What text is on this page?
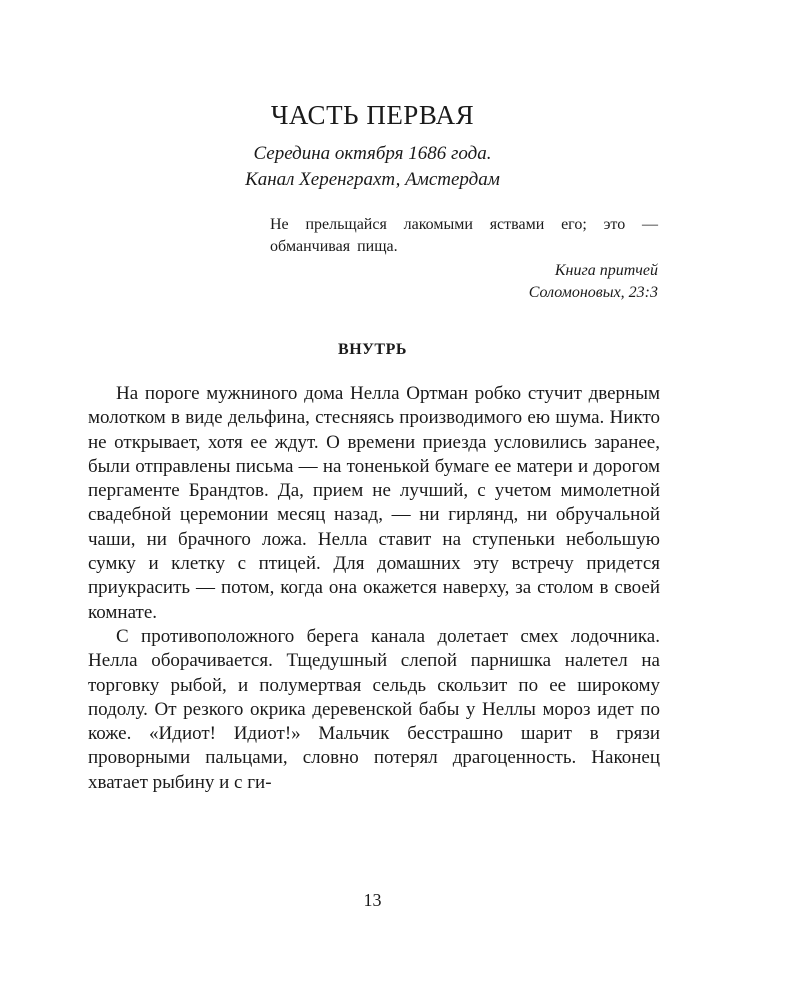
ЧАСТЬ ПЕРВАЯ
Середина октября 1686 года.
Канал Херенграхт, Амстердам
Не прельщайся лакомыми яствами его; это — обманчивая пища.
Книга притчей
Соломоновых, 23:3
ВНУТРЬ

На пороге мужниного дома Нелла Ортман робко стучит дверным молотком в виде дельфина, стесняясь производимого ею шума. Никто не открывает, хотя ее ждут. О времени приезда условились заранее, были отправлены письма — на тоненькой бумаге ее матери и дорогом пергаменте Брандтов. Да, прием не лучший, с учетом мимолетной свадебной церемонии месяц назад, — ни гирлянд, ни обручальной чаши, ни брачного ложа. Нелла ставит на ступеньки небольшую сумку и клетку с птицей. Для домашних эту встречу придется приукрасить — потом, когда она окажется наверху, за столом в своей комнате.

С противоположного берега канала долетает смех лодочника. Нелла оборачивается. Тщедушный слепой парнишка налетел на торговку рыбой, и полумертвая сельдь скользит по ее широкому подолу. От резкого окрика деревенской бабы у Неллы мороз идет по коже. «Идиот! Идиот!» Мальчик бесстрашно шарит в грязи проворными пальцами, словно потерял драгоценность. Наконец хватает рыбину и с ги-

13
